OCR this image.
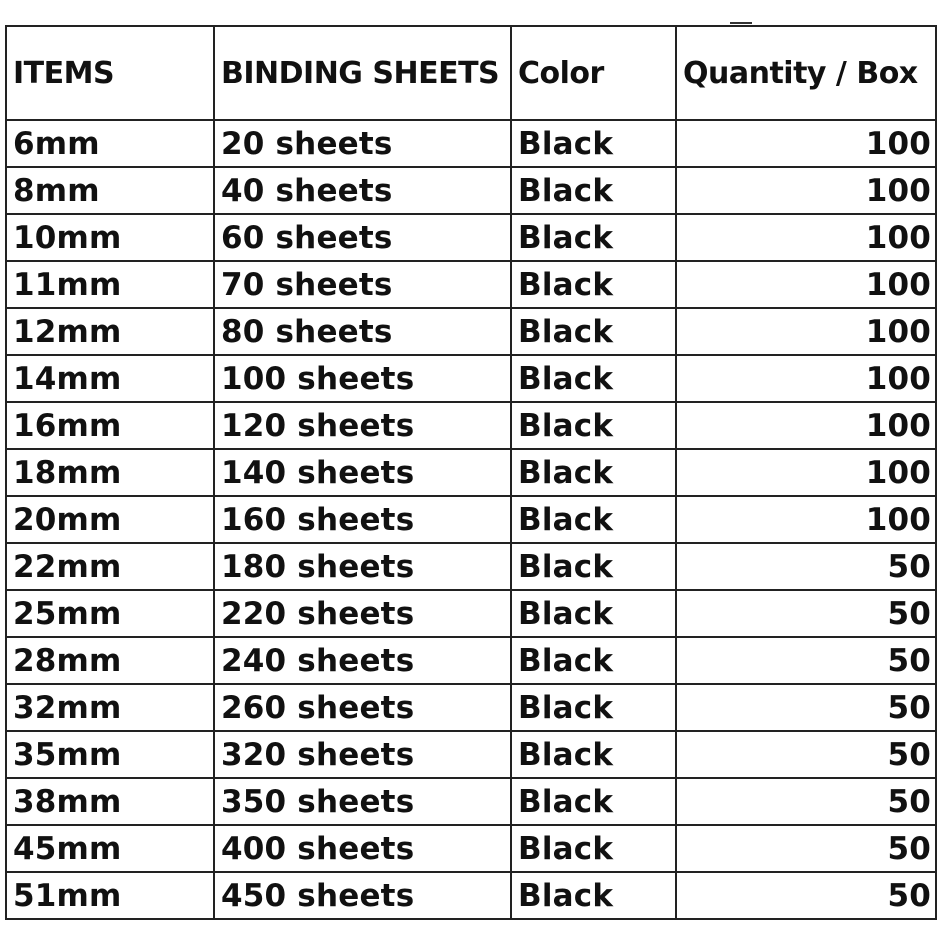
ITEMS	BINDING SHEETS	Color	Quantity / Box
6mm	20 sheets	Black	100
8mm	40 sheets	Black	100
10mm	60 sheets	Black	100
11mm	70 sheets	Black	100
12mm	80 sheets	Black	100
14mm	100 sheets	Black	100
16mm	120 sheets	Black	100
18mm	140 sheets	Black	100
20mm	160 sheets	Black	100
22mm	180 sheets	Black	50
25mm	220 sheets	Black	50
28mm	240 sheets	Black	50
32mm	260 sheets	Black	50
35mm	320 sheets	Black	50
38mm	350 sheets	Black	50
45mm	400 sheets	Black	50
51mm	450 sheets	Black	50
